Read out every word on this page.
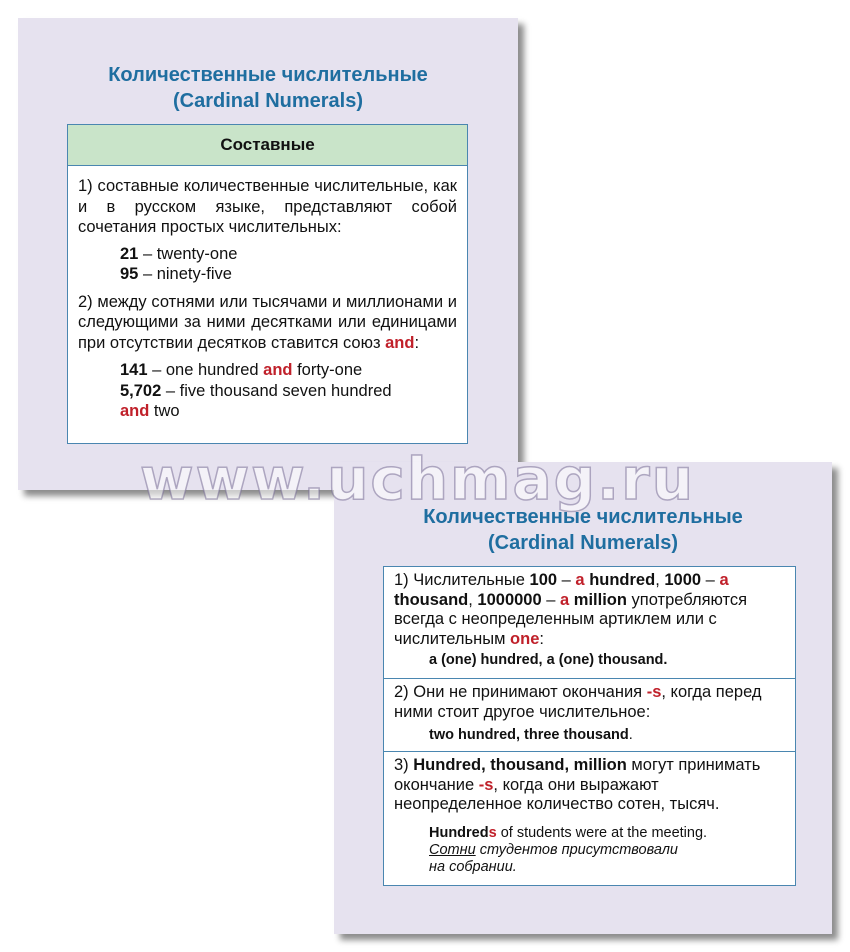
Количественные числительные
(Cardinal Numerals)
Составные

1) составные количественные числительные, как и в русском языке, представляют собой сочетания простых числительных:

21 – twenty-one

95 – ninety-five

2) между сотнями или тысячами и миллионами и следующими за ними десятками или единицами при отсутствии десятков ставится союз and:

141 – one hundred and forty-one

5,702 – five thousand seven hundred

and two

Количественные числительные
(Cardinal Numerals)

1) Числительные 100 – a hundred, 1000 – a thousand, 1000000 – a million употребляются всегда с неопределенным артиклем или с числительным one:

a (one) hundred, a (one) thousand.

2) Они не принимают окончания -s, когда перед ними стоит другое числительное:

two hundred, three thousand.

3) Hundred, thousand, million могут принимать окончание -s, когда они выражают неопределенное количество сотен, тысяч.

Hundreds of students were at the meeting.

Сотни студентов присутствовали

на собрании.

www.uchmag.ru
